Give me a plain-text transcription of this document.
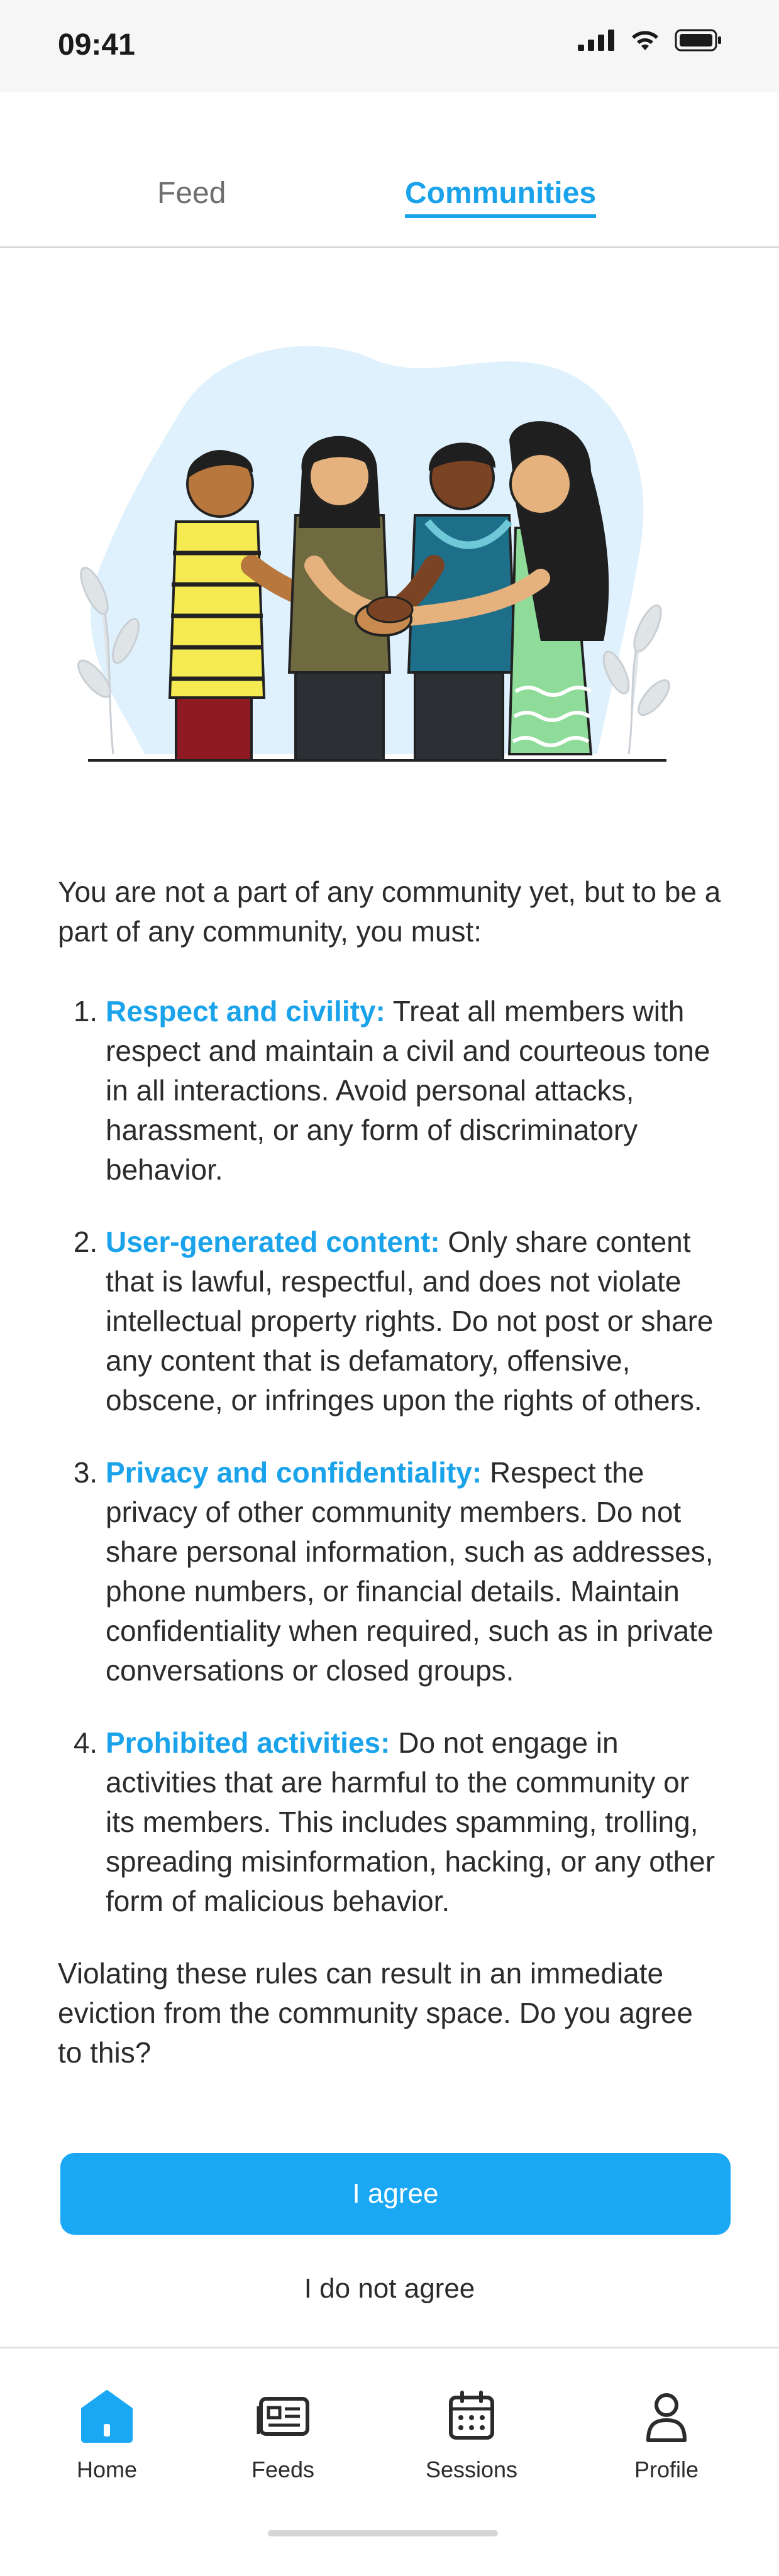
09:41
Feed	Communities

You are not a part of any community yet, but to be a part of any community, you must:

1. Respect and civility: Treat all members with respect and maintain a civil and courteous tone in all interactions. Avoid personal attacks, harassment, or any form of discriminatory behavior.
2. User-generated content: Only share content that is lawful, respectful, and does not violate intellectual property rights. Do not post or share any content that is defamatory, offensive, obscene, or infringes upon the rights of others.
3. Privacy and confidentiality: Respect the privacy of other community members. Do not share personal information, such as addresses, phone numbers, or financial details. Maintain confidentiality when required, such as in private conversations or closed groups.
4. Prohibited activities: Do not engage in activities that are harmful to the community or its members. This includes spamming, trolling, spreading misinformation, hacking, or any other form of malicious behavior.

Violating these rules can result in an immediate eviction from the community space. Do you agree to this?

I agree
I do not agree
Home	Feeds	Sessions	Profile
